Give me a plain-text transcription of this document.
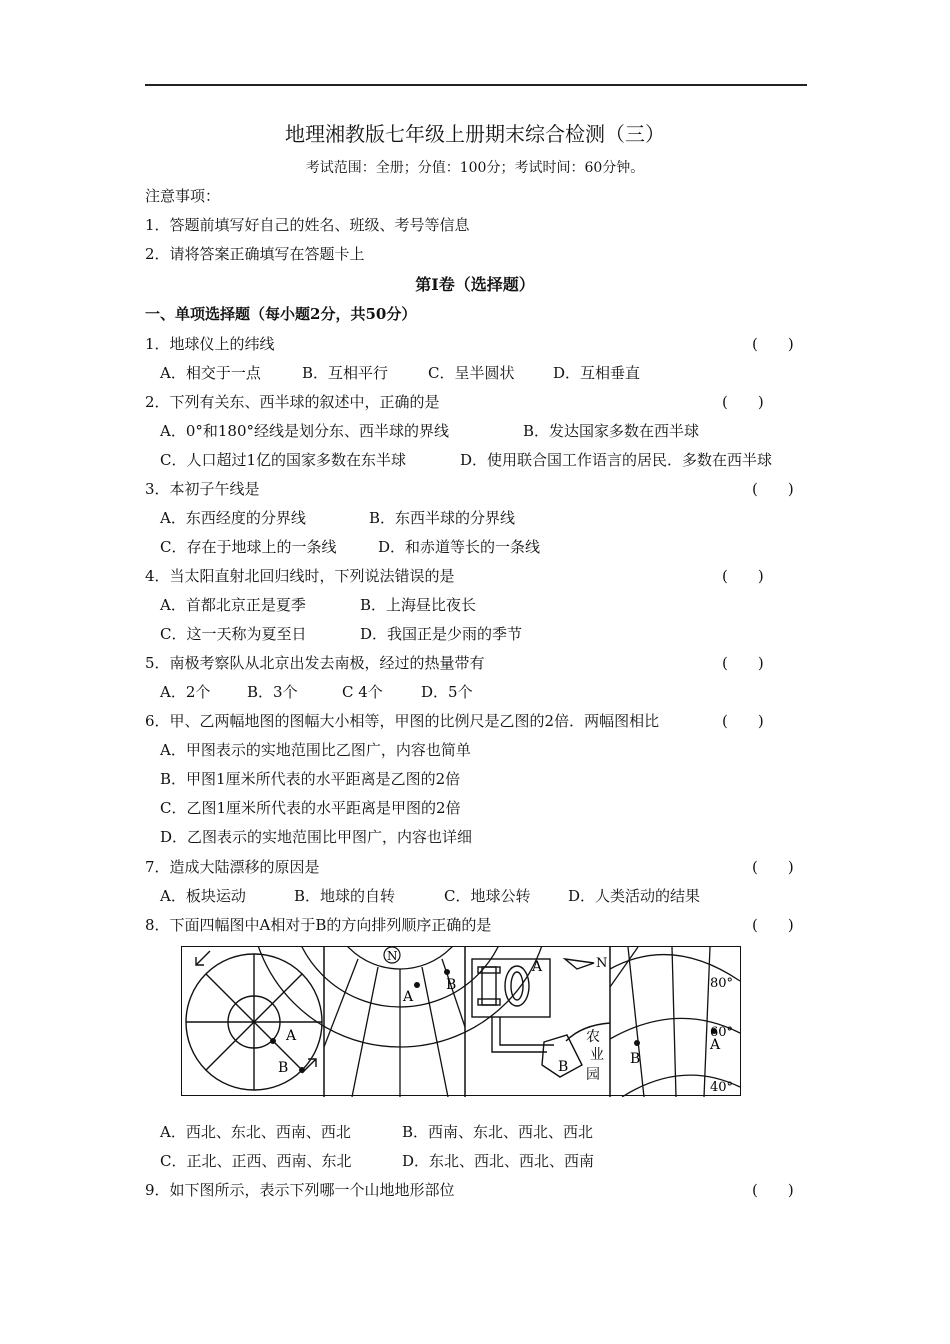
地理湘教版七年级上册期末综合检测（三）
考试范围：全册；分值：100分；考试时间：60分钟。
注意事项：
1．答题前填写好自己的姓名、班级、考号等信息
2．请将答案正确填写在答题卡上
第Ⅰ卷（选择题）
一、单项选择题（每小题2分，共50分）
1．地球仪上的纬线	(　　)
A．相交于一点	B．互相平行	C．呈半圆状	D．互相垂直
2．下列有关东、西半球的叙述中，正确的是	(　　)
A．0°和180°经线是划分东、西半球的界线	B．发达国家多数在西半球
C．人口超过1亿的国家多数在东半球	D．使用联合国工作语言的居民．多数在西半球
3．本初子午线是	(　　)
A．东西经度的分界线	B．东西半球的分界线
C．存在于地球上的一条线	D．和赤道等长的一条线
4．当太阳直射北回归线时，下列说法错误的是	(　　)
A．首都北京正是夏季	B．上海昼比夜长
C．这一天称为夏至日	D．我国正是少雨的季节
5．南极考察队从北京出发去南极，经过的热量带有	(　　)
A．2个 B．3个	C 4个	D．5个
6．甲、乙两幅地图的图幅大小相等，甲图的比例尺是乙图的2倍．两幅图相比	(　　)
A．甲图表示的实地范围比乙图广，内容也简单
B．甲图1厘米所代表的水平距离是乙图的2倍
C．乙图1厘米所代表的水平距离是甲图的2倍
D．乙图表示的实地范围比甲图广，内容也详细
7．造成大陆漂移的原因是	(　　)
A．板块运动	B．地球的自转	C．地球公转	D．人类活动的结果
8．下面四幅图中A相对于B的方向排列顺序正确的是	(　　)
A
B
N
A
B
A
B
N
农
业
园
B
A
80°
60°
40°
A．西北、东北、西南、西北	B．西南、东北、西北、西北
C．正北、正西、西南、东北	D．东北、西北、西北、西南
9．如下图所示，表示下列哪一个山地地形部位	(　　)
